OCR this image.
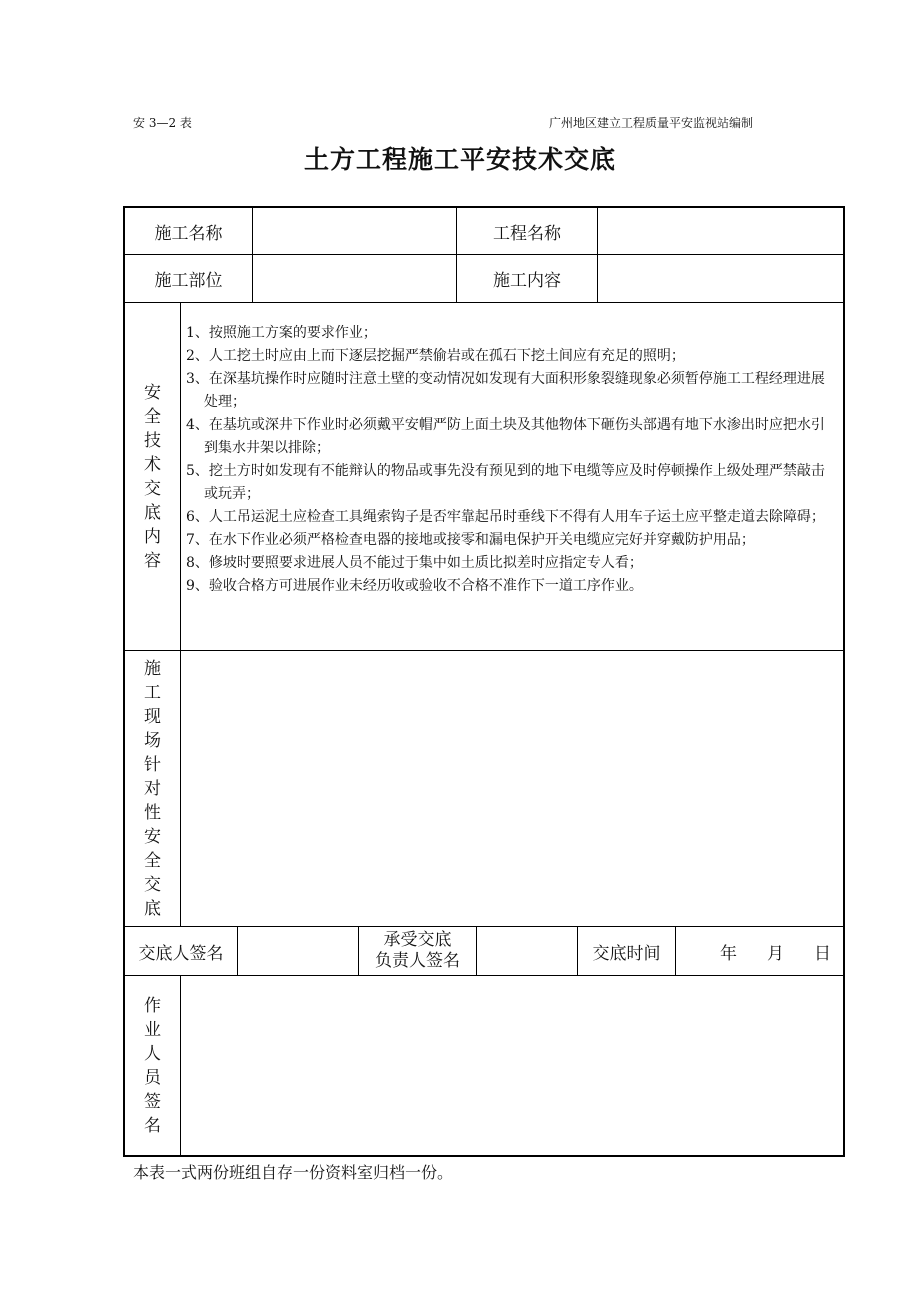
安 3—2 表	广州地区建立工程质量平安监视站编制
土方工程施工平安技术交底
施工名称	工程名称
施工部位	施工内容
安
全
技
术
交
底
内
容
1、按照施工方案的要求作业；
2、人工挖土时应由上而下逐层挖掘严禁偷岩或在孤石下挖土间应有充足的照明；
3、在深基坑操作时应随时注意土壁的变动情况如发现有大面积形象裂缝现象必须暂停施工工程经理进展处理；
4、在基坑或深井下作业时必须戴平安帽严防上面土块及其他物体下砸伤头部遇有地下水渗出时应把水引到集水井架以排除；
5、挖土方时如发现有不能辩认的物品或事先没有预见到的地下电缆等应及时停顿操作上级处理严禁敲击或玩弄；
6、人工吊运泥土应检查工具绳索钩子是否牢靠起吊时垂线下不得有人用车子运土应平整走道去除障碍；
7、在水下作业必须严格检查电器的接地或接零和漏电保护开关电缆应完好并穿戴防护用品；
8、修坡时要照要求进展人员不能过于集中如土质比拟差时应指定专人看；
9、验收合格方可进展作业未经历收或验收不合格不准作下一道工序作业。
施
工
现
场
针
对
性
安
全
交
底
交底人签名
承受交底
负责人签名	交底时间	年 月 日
作
业
人
员
签
名
本表一式两份班组自存一份资料室归档一份。
